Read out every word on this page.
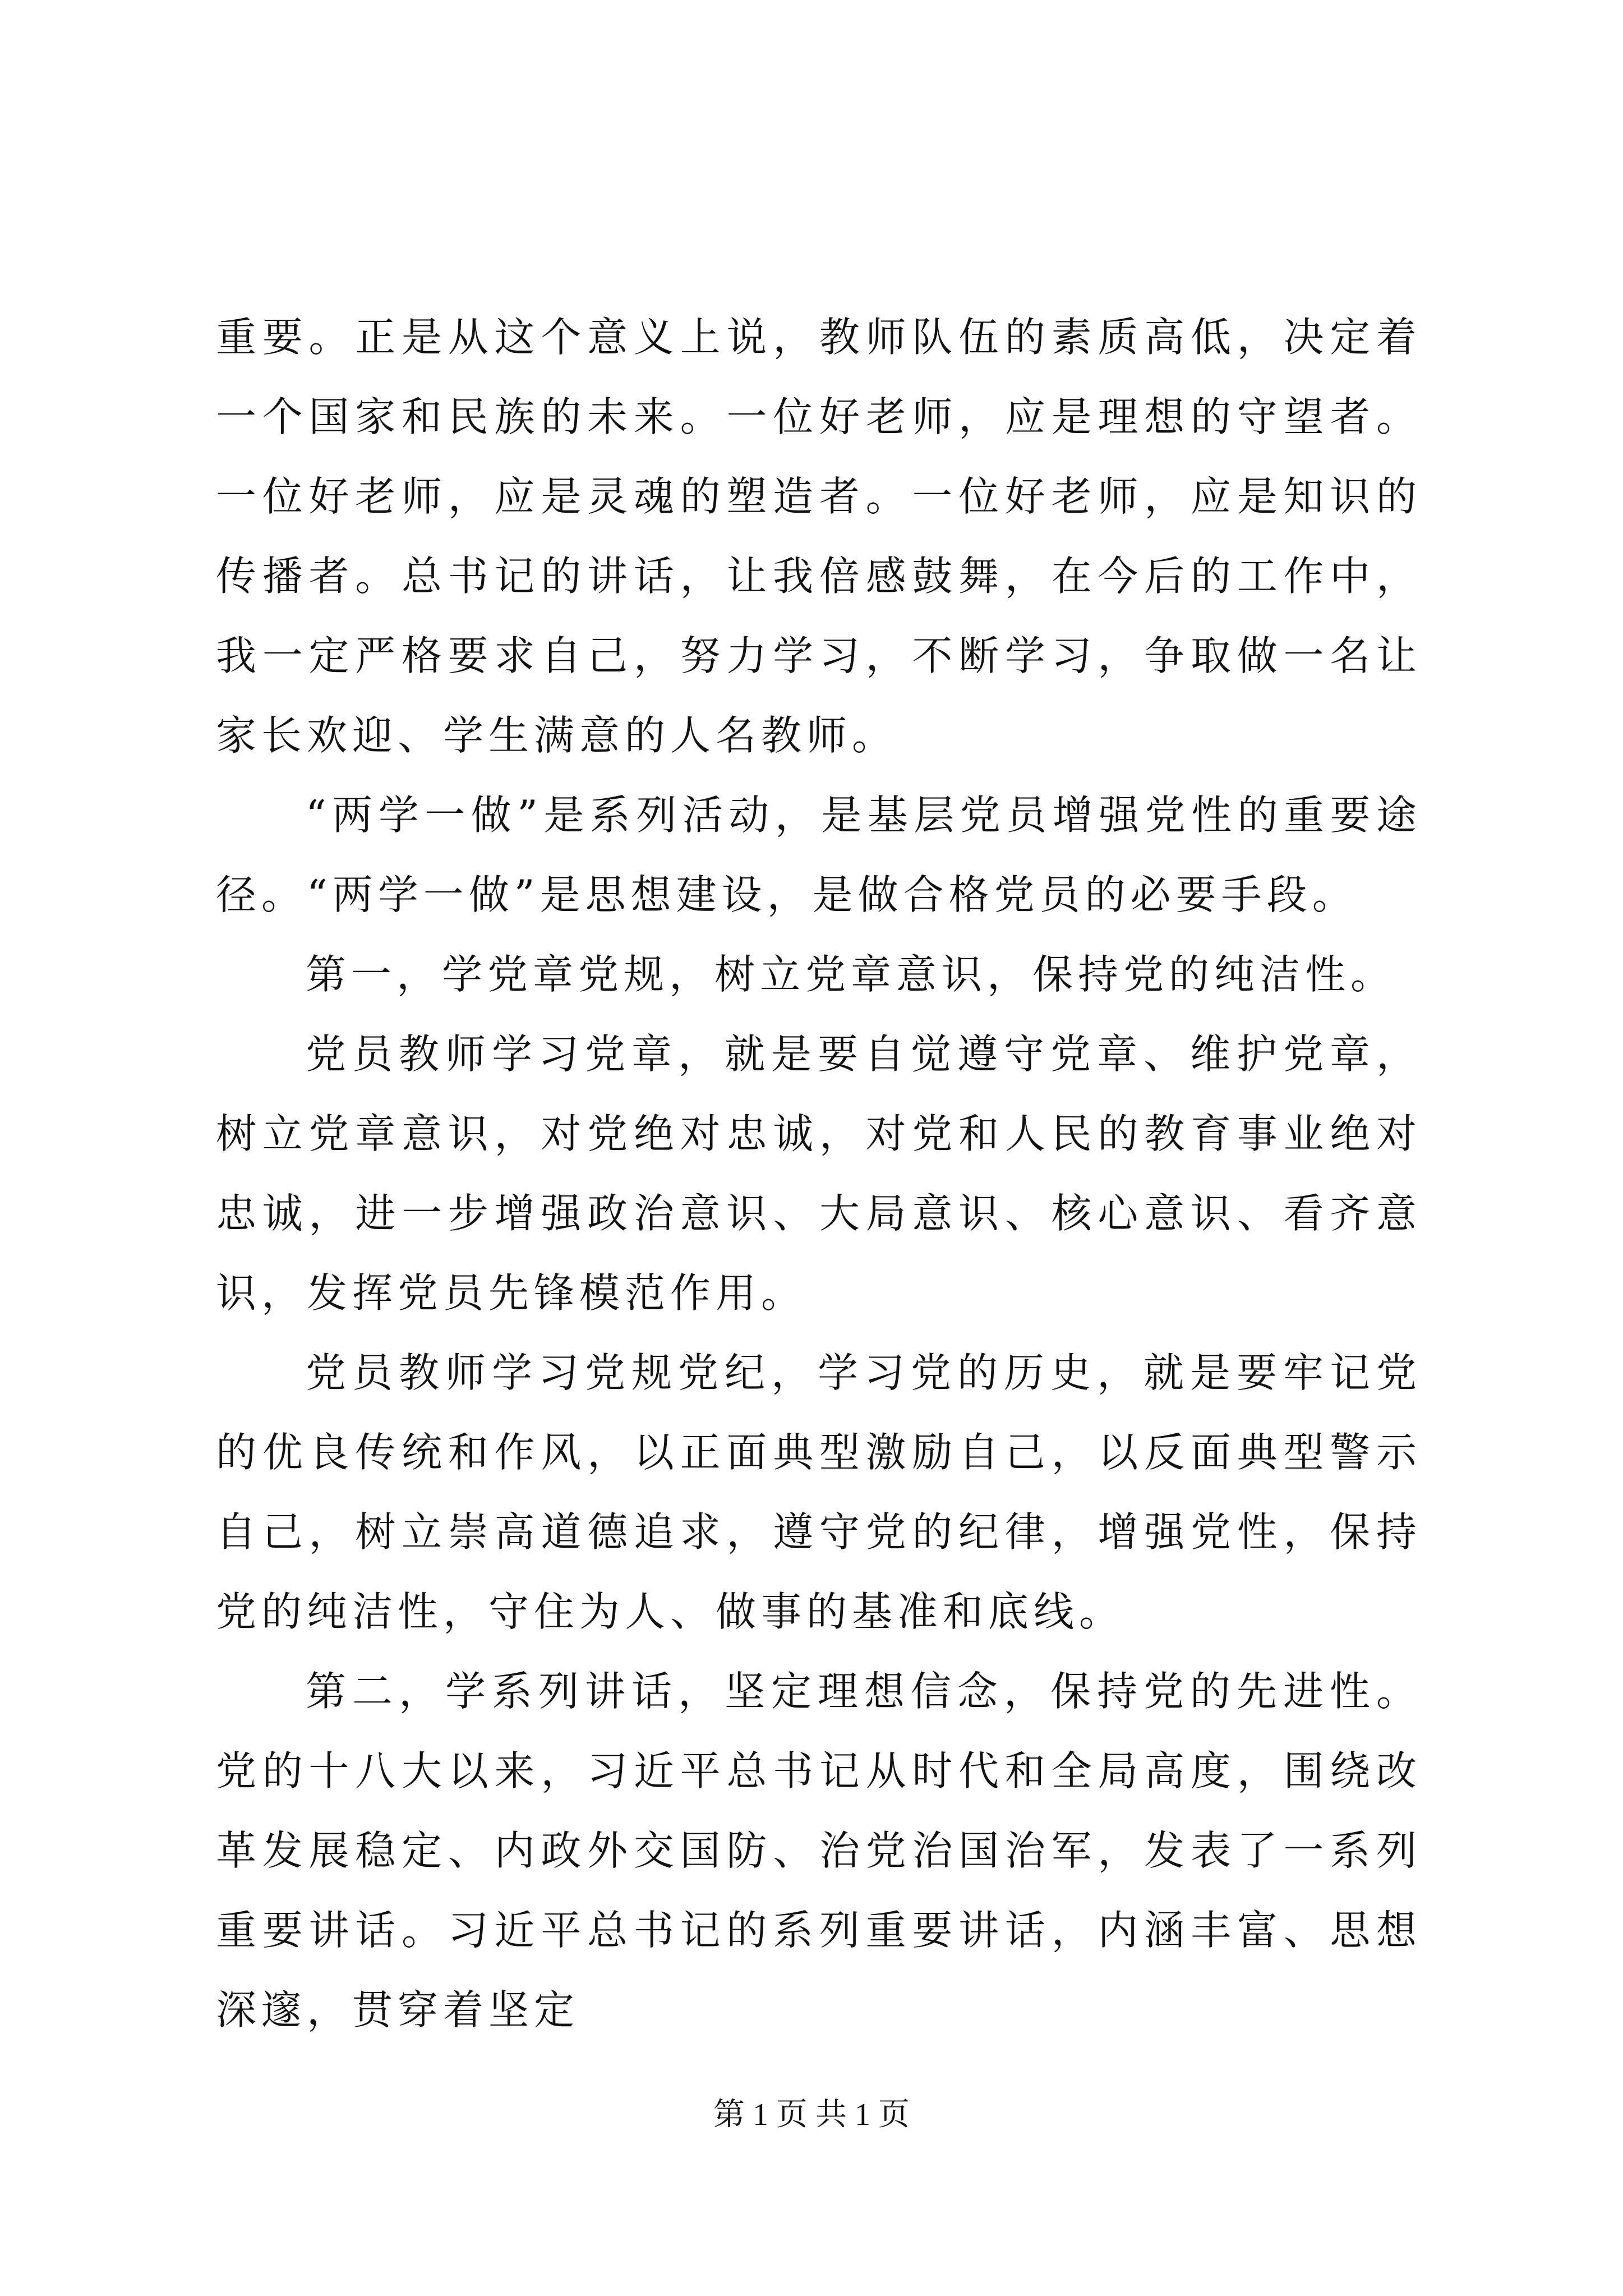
重要。正是从这个意义上说，教师队伍的素质高低，决定着一个国家和民族的未来。一位好老师，应是理想的守望者。一位好老师，应是灵魂的塑造者。一位好老师，应是知识的传播者。总书记的讲话，让我倍感鼓舞，在今后的工作中，我一定严格要求自己，努力学习，不断学习，争取做一名让家长欢迎、学生满意的人名教师。

“两学一做”是系列活动，是基层党员增强党性的重要途径。“两学一做”是思想建设，是做合格党员的必要手段。

第一，学党章党规，树立党章意识，保持党的纯洁性。

党员教师学习党章，就是要自觉遵守党章、维护党章，树立党章意识，对党绝对忠诚，对党和人民的教育事业绝对忠诚，进一步增强政治意识、大局意识、核心意识、看齐意识，发挥党员先锋模范作用。

党员教师学习党规党纪，学习党的历史，就是要牢记党的优良传统和作风，以正面典型激励自己，以反面典型警示自己，树立崇高道德追求，遵守党的纪律，增强党性，保持党的纯洁性，守住为人、做事的基准和底线。

第二，学系列讲话，坚定理想信念，保持党的先进性。党的十八大以来，习近平总书记从时代和全局高度，围绕改革发展稳定、内政外交国防、治党治国治军，发表了一系列重要讲话。习近平总书记的系列重要讲话，内涵丰富、思想深邃，贯穿着坚定

第 1 页 共 1 页
